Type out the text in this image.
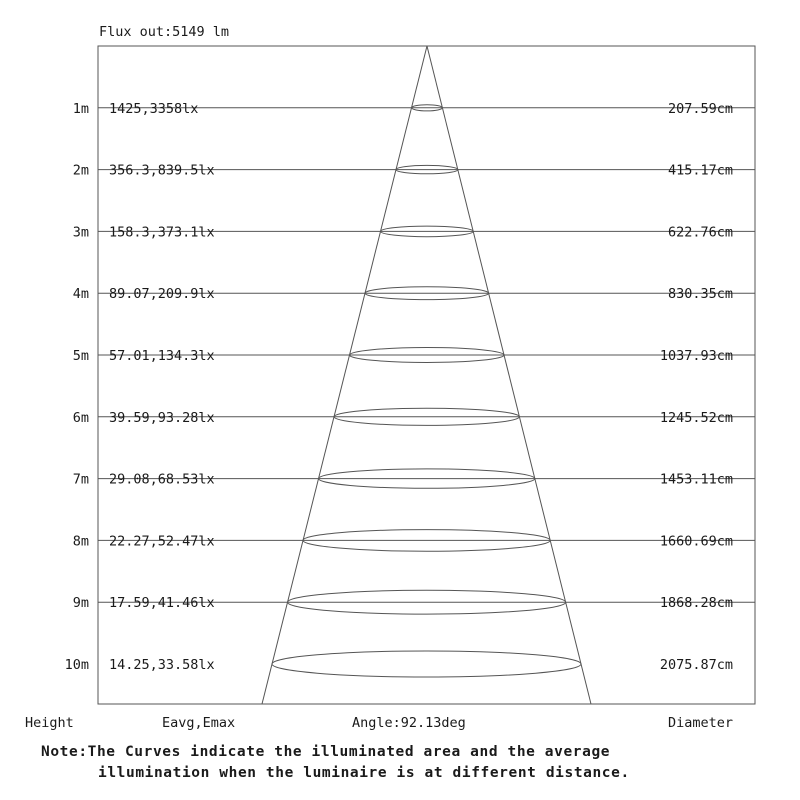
Flux out:5149 lm
1m 1425,3358lx	207.59cm
2m 356.3,839.5lx	415.17cm
3m 158.3,373.1lx	622.76cm
4m 89.07,209.9lx	830.35cm
5m 57.01,134.3lx	1037.93cm
6m 39.59,93.28lx	1245.52cm
7m 29.08,68.53lx	1453.11cm
8m 22.27,52.47lx	1660.69cm
9m 17.59,41.46lx	1868.28cm
10m 14.25,33.58lx	2075.87cm
Height	Eavg,Emax	Angle:92.13deg	Diameter
Note:The Curves indicate the illuminated area and the average
illumination when the luminaire is at different distance.
